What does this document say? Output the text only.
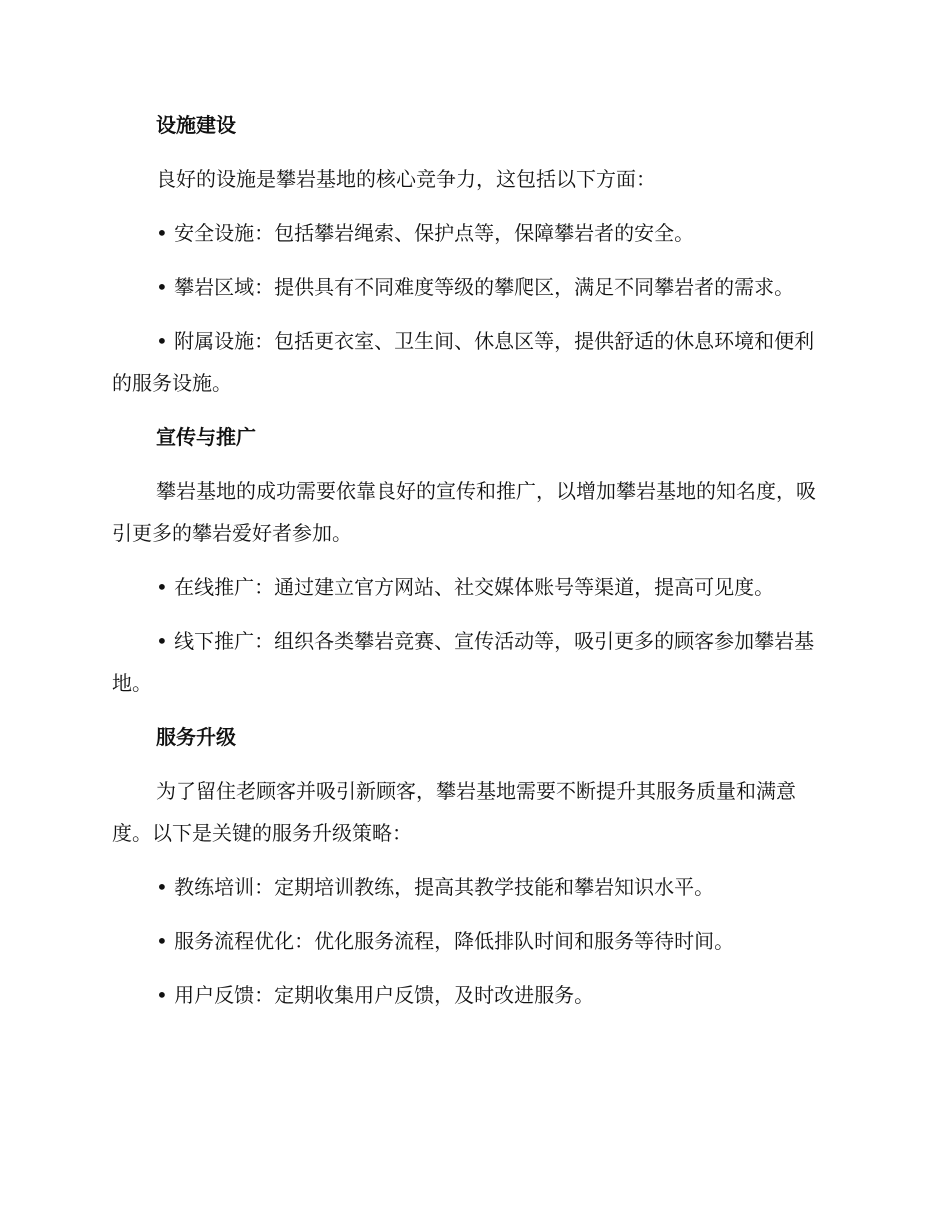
设施建设

良好的设施是攀岩基地的核心竞争力，这包括以下方面：

• 安全设施：包括攀岩绳索、保护点等，保障攀岩者的安全。

• 攀岩区域：提供具有不同难度等级的攀爬区，满足不同攀岩者的需求。

• 附属设施：包括更衣室、卫生间、休息区等，提供舒适的休息环境和便利的服务设施。

宣传与推广

攀岩基地的成功需要依靠良好的宣传和推广，以增加攀岩基地的知名度，吸引更多的攀岩爱好者参加。

• 在线推广：通过建立官方网站、社交媒体账号等渠道，提高可见度。

• 线下推广：组织各类攀岩竞赛、宣传活动等，吸引更多的顾客参加攀岩基地。

服务升级

为了留住老顾客并吸引新顾客，攀岩基地需要不断提升其服务质量和满意度。以下是关键的服务升级策略：

• 教练培训：定期培训教练，提高其教学技能和攀岩知识水平。

• 服务流程优化：优化服务流程，降低排队时间和服务等待时间。

• 用户反馈：定期收集用户反馈，及时改进服务。
